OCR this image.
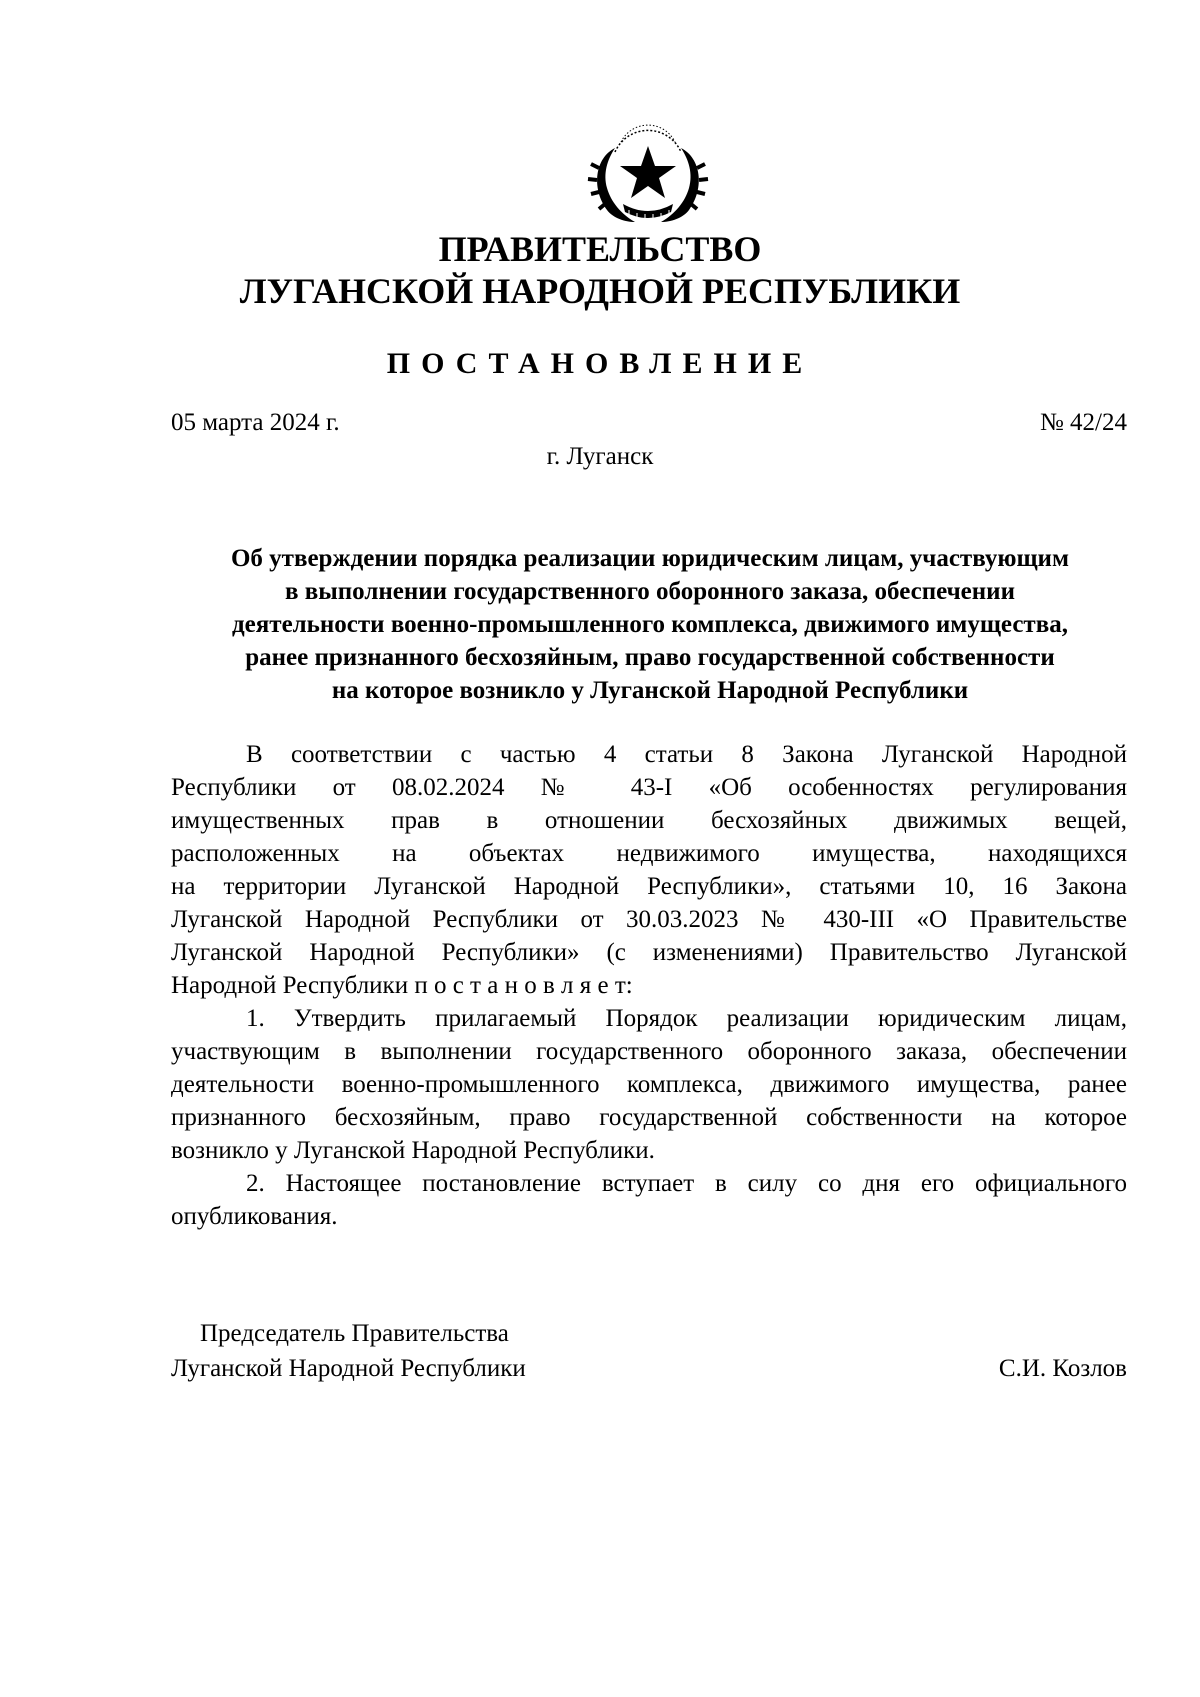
ПРАВИТЕЛЬСТВО
ЛУГАНСКОЙ НАРОДНОЙ РЕСПУБЛИКИ
ПОСТАНОВЛЕНИЕ
05 марта 2024 г.	№ 42/24
г. Луганск
Об утверждении порядка реализации юридическим лицам, участвующим
в выполнении государственного оборонного заказа, обеспечении
деятельности военно-промышленного комплекса, движимого имущества,
ранее признанного бесхозяйным, право государственной собственности
на которое возникло у Луганской Народной Республики
В соответствии с частью 4 статьи 8 Закона Луганской Народной
Республики от 08.02.2024 № 43-I «Об особенностях регулирования
имущественных прав в отношении бесхозяйных движимых вещей,
расположенных на объектах недвижимого имущества, находящихся
на территории Луганской Народной Республики», статьями 10, 16 Закона
Луганской Народной Республики от 30.03.2023 № 430-III «О Правительстве
Луганской Народной Республики» (с изменениями) Правительство Луганской
Народной Республики п о с т а н о в л я е т:
1. Утвердить прилагаемый Порядок реализации юридическим лицам,
участвующим в выполнении государственного оборонного заказа, обеспечении
деятельности военно-промышленного комплекса, движимого имущества, ранее
признанного бесхозяйным, право государственной собственности на которое
возникло у Луганской Народной Республики.
2. Настоящее постановление вступает в силу со дня его официального
опубликования.
Председатель Правительства
Луганской Народной Республики	С.И. Козлов
